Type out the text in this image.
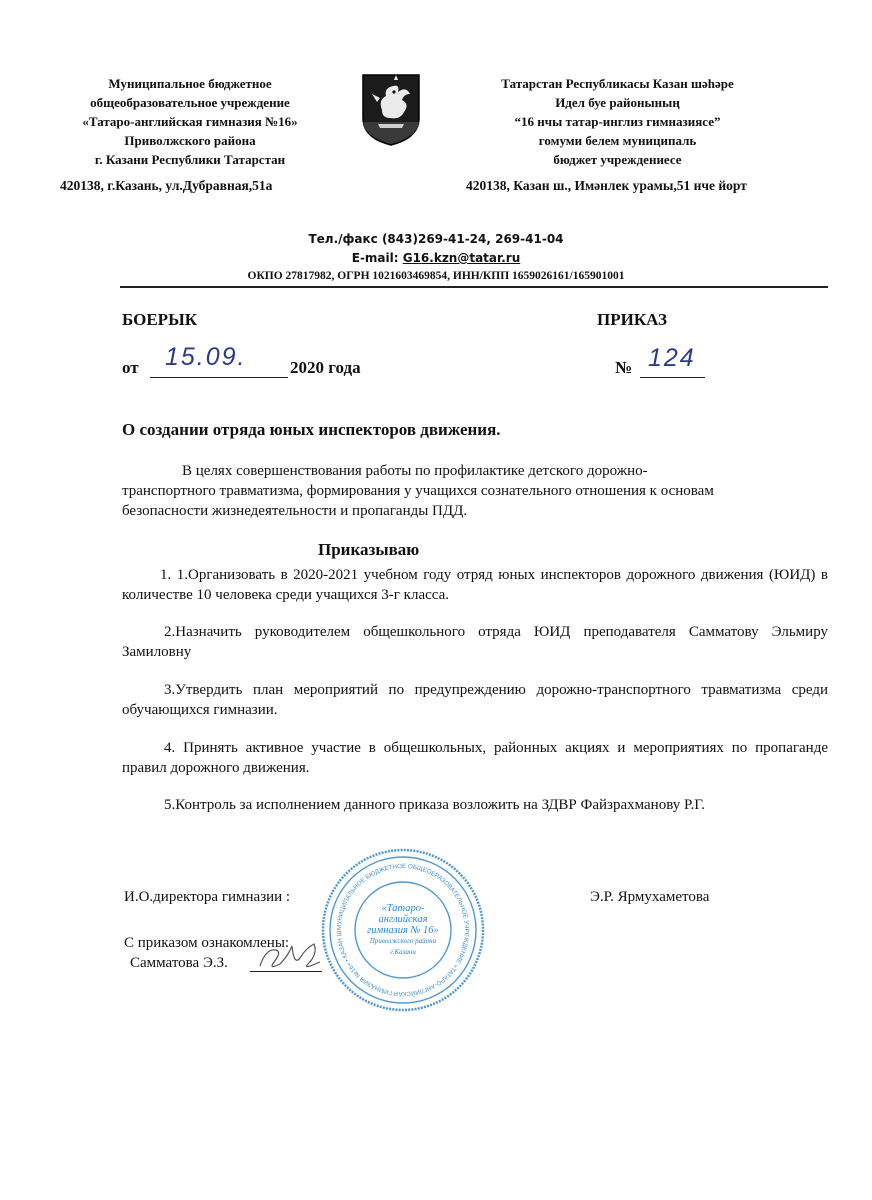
Муниципальное бюджетное
общеобразовательное учреждение
«Татаро-английская гимназия №16»
Приволжского района
г. Казани Республики Татарстан
420138, г.Казань, ул.Дубравная,51а
Татарстан Республикасы Казан шәһәре
Идел буе районының
“16 нчы татар-инглиз гимназиясе”
гомуми белем муниципаль
бюджет учреждениесе
420138, Казан ш., Имәнлек урамы,51 нче йорт
Тел./факс (843)269-41-24, 269-41-04
E-mail: G16.kzn@tatar.ru
ОКПО 27817982, ОГРН 1021603469854, ИНН/КПП 1659026161/165901001
БОЕРЫК	ПРИКАЗ
от 15.09.	2020 года	№ 124
О создании отряда юных инспекторов движения.
В целях совершенствования работы по профилактике детского дорожно-
транспортного травматизма, формирования у учащихся сознательного отношения к основам безопасности жизнедеятельности и пропаганды ПДД.
Приказываю
1. 1.Организовать в 2020-2021 учебном году отряд юных инспекторов дорожного движения (ЮИД) в количестве 10 человека среди учащихся 3-г класса.
2.Назначить руководителем общешкольного отряда ЮИД преподавателя Самматову Эльмиру Замиловну
3.Утвердить план мероприятий по предупреждению дорожно-транспортного травматизма среди обучающихся гимназии.
4. Принять активное участие в общешкольных, районных акциях и мероприятиях по пропаганде правил дорожного движения.
5.Контроль за исполнением данного приказа возложить на ЗДВР Файзрахманову Р.Г.
МУНИЦИПАЛЬНОЕ БЮДЖЕТНОЕ ОБЩЕОБРАЗОВАТЕЛЬНОЕ УЧРЕЖДЕНИЕ «ТАТАРО-АНГЛИЙСКАЯ ГИМНАЗИЯ №16» • КАЗАН Ш
«Татаро-
английская
гимназия № 16»
Приволжского района
г.Казани
И.О.директора гимназии :	Э.Р. Ярмухаметова
С приказом ознакомлены:
Самматова Э.З.
